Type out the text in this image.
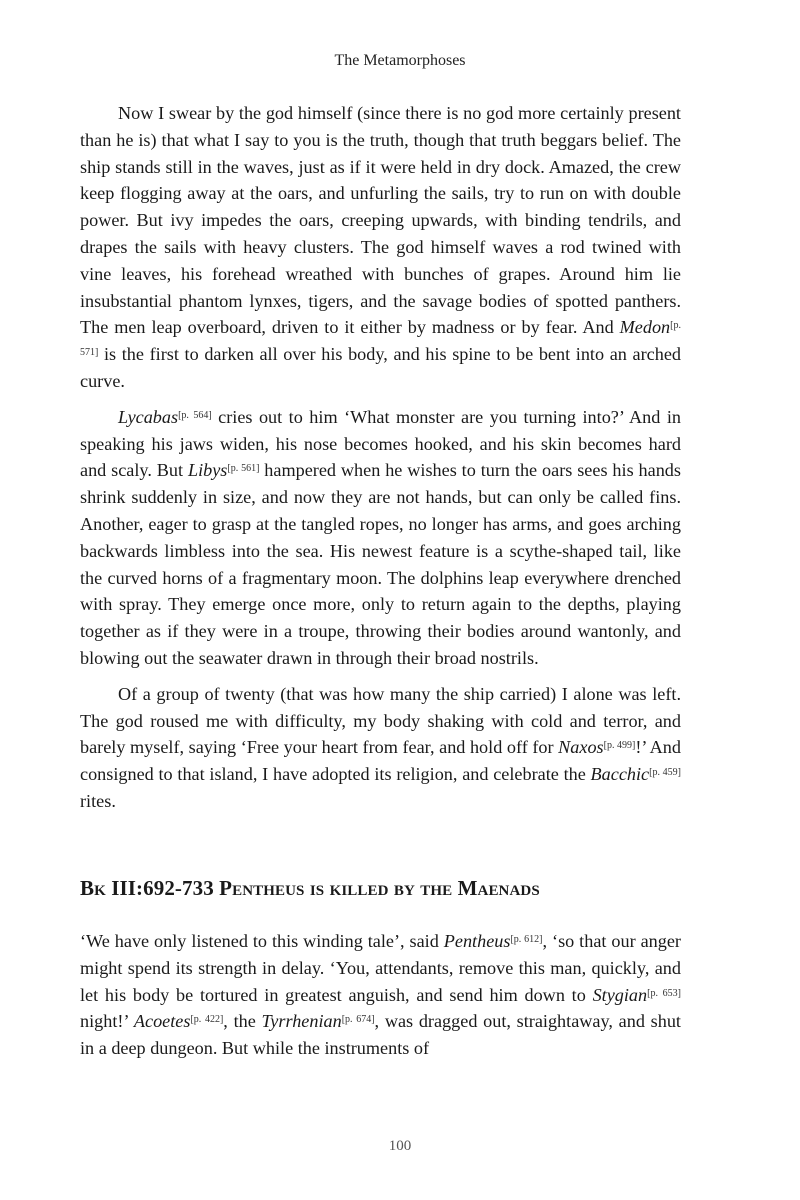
The Metamorphoses

Now I swear by the god himself (since there is no god more certainly present than he is) that what I say to you is the truth, though that truth beggars belief. The ship stands still in the waves, just as if it were held in dry dock. Amazed, the crew keep flogging away at the oars, and unfurling the sails, try to run on with double power. But ivy impedes the oars, creeping upwards, with binding tendrils, and drapes the sails with heavy clusters. The god himself waves a rod twined with vine leaves, his forehead wreathed with bunches of grapes. Around him lie insubstantial phantom lynxes, tigers, and the savage bodies of spotted panthers. The men leap overboard, driven to it either by madness or by fear. And Medon[p. 571] is the first to darken all over his body, and his spine to be bent into an arched curve.

Lycabas[p. 564] cries out to him ‘What monster are you turning into?’ And in speaking his jaws widen, his nose becomes hooked, and his skin becomes hard and scaly. But Libys[p. 561] hampered when he wishes to turn the oars sees his hands shrink suddenly in size, and now they are not hands, but can only be called fins. Another, eager to grasp at the tangled ropes, no longer has arms, and goes arching backwards limbless into the sea. His newest feature is a scythe-shaped tail, like the curved horns of a fragmentary moon. The dolphins leap everywhere drenched with spray. They emerge once more, only to return again to the depths, playing together as if they were in a troupe, throwing their bodies around wantonly, and blowing out the seawater drawn in through their broad nostrils.

Of a group of twenty (that was how many the ship carried) I alone was left. The god roused me with difficulty, my body shaking with cold and terror, and barely myself, saying ‘Free your heart from fear, and hold off for Naxos[p. 499]!’ And consigned to that island, I have adopted its religion, and celebrate the Bacchic[p. 459] rites.

Bk III:692-733 Pentheus is killed by the Maenads

‘We have only listened to this winding tale’, said Pentheus[p. 612], ‘so that our anger might spend its strength in delay. ‘You, attendants, remove this man, quickly, and let his body be tortured in greatest anguish, and send him down to Stygian[p. 653] night!’ Acoetes[p. 422], the Tyrrhenian[p. 674], was dragged out, straightaway, and shut in a deep dungeon. But while the instruments of

100
